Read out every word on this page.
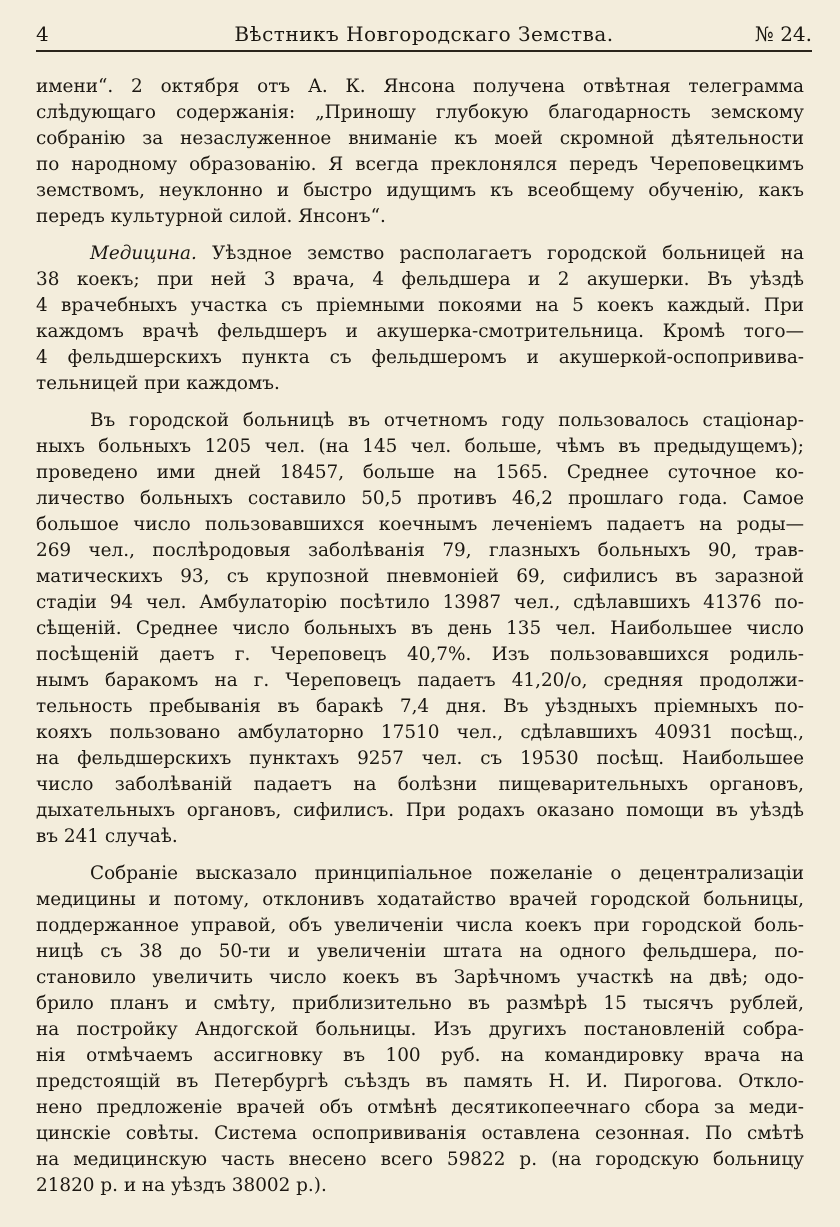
4	Вѣстникъ Новгородскаго Земства.	№ 24.

имени“. 2 октября отъ А. К. Янсона получена отвѣтная телеграмма
слѣдующаго содержанія: „Приношу глубокую благодарность земскому
собранію за незаслуженное вниманіе къ моей скромной дѣятельности
по народному образованію. Я всегда преклонялся передъ Череповецкимъ
земствомъ, неуклонно и быстро идущимъ къ всеобщему обученію, какъ
передъ культурной силой. Янсонъ“.

Медицина. Уѣздное земство располагаетъ городской больницей на
38 коекъ; при ней 3 врача, 4 фельдшера и 2 акушерки. Въ уѣздѣ
4 врачебныхъ участка съ пріемными покоями на 5 коекъ каждый. При
каждомъ врачѣ фельдшеръ и акушерка-смотрительница. Кромѣ того—
4 фельдшерскихъ пункта съ фельдшеромъ и акушеркой-оспопривива-
тельницей при каждомъ.

Въ городской больницѣ въ отчетномъ году пользовалось стаціонар-
ныхъ больныхъ 1205 чел. (на 145 чел. больше, чѣмъ въ предыдущемъ);
проведено ими дней 18457, больше на 1565. Среднее суточное ко-
личество больныхъ составило 50,5 противъ 46,2 прошлаго года. Самое
большое число пользовавшихся коечнымъ леченіемъ падаетъ на роды—
269 чел., послѣродовыя заболѣванія 79, глазныхъ больныхъ 90, трав-
матическихъ 93, съ крупозной пневмоніей 69, сифилисъ въ заразной
стадіи 94 чел. Амбулаторію посѣтило 13987 чел., сдѣлавшихъ 41376 по-
сѣщеній. Среднее число больныхъ въ день 135 чел. Наибольшее число
посѣщеній даетъ г. Череповецъ 40,7%. Изъ пользовавшихся родиль-
нымъ баракомъ на г. Череповецъ падаетъ 41,20/о, средняя продолжи-
тельность пребыванія въ баракѣ 7,4 дня. Въ уѣздныхъ пріемныхъ по-
кояхъ пользовано амбулаторно 17510 чел., сдѣлавшихъ 40931 посѣщ.,
на фельдшерскихъ пунктахъ 9257 чел. съ 19530 посѣщ. Наибольшее
число заболѣваній падаетъ на болѣзни пищеварительныхъ органовъ,
дыхательныхъ органовъ, сифилисъ. При родахъ оказано помощи въ уѣздѣ
въ 241 случаѣ.

Собраніе высказало принципіальное пожеланіе о децентрализаціи
медицины и потому, отклонивъ ходатайство врачей городской больницы,
поддержанное управой, объ увеличеніи числа коекъ при городской боль-
ницѣ съ 38 до 50-ти и увеличеніи штата на одного фельдшера, по-
становило увеличить число коекъ въ Зарѣчномъ участкѣ на двѣ; одо-
брило планъ и смѣту, приблизительно въ размѣрѣ 15 тысячъ рублей,
на постройку Андогской больницы. Изъ другихъ постановленій собра-
нія отмѣчаемъ ассигновку въ 100 руб. на командировку врача на
предстоящій въ Петербургѣ съѣздъ въ память Н. И. Пирогова. Откло-
нено предложеніе врачей объ отмѣнѣ десятикопеечнаго сбора за меди-
цинскіе совѣты. Система оспопрививанія оставлена сезонная. По смѣтѣ
на медицинскую часть внесено всего 59822 р. (на городскую больницу
21820 р. и на уѣздъ 38002 р.).
